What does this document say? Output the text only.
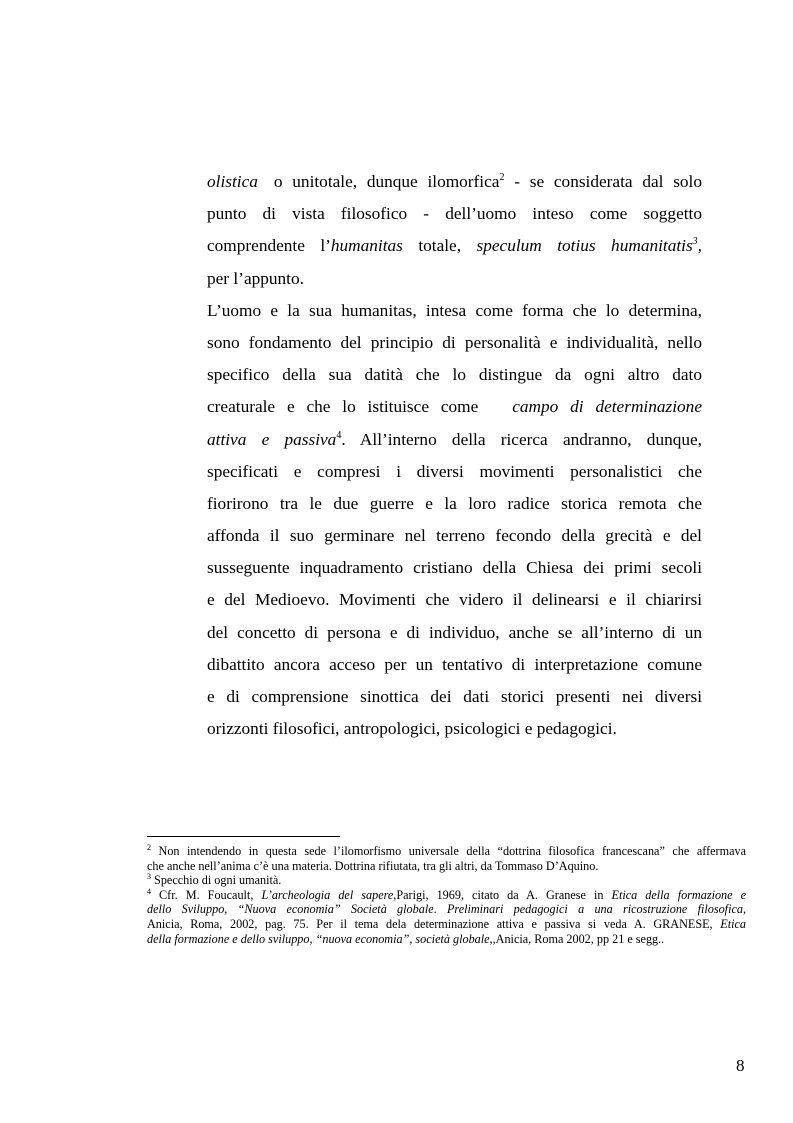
olistica o unitotale, dunque ilomorfica$^2$ - se considerata dal solo
punto di vista filosofico - dell’uomo inteso come soggetto
comprendente l’humanitas totale, speculum totius humanitatis$^3$,
per l’appunto.
L’uomo e la sua humanitas, intesa come forma che lo determina,
sono fondamento del principio di personalità e individualità, nello
specifico della sua datità che lo distingue da ogni altro dato
creaturale e che lo istituisce come campo di determinazione
attiva e passiva$^4$. All’interno della ricerca andranno, dunque,
specificati e compresi i diversi movimenti personalistici che
fiorirono tra le due guerre e la loro radice storica remota che
affonda il suo germinare nel terreno fecondo della grecità e del
susseguente inquadramento cristiano della Chiesa dei primi secoli
e del Medioevo. Movimenti che videro il delinearsi e il chiarirsi
del concetto di persona e di individuo, anche se all’interno di un
dibattito ancora acceso per un tentativo di interpretazione comune
e di comprensione sinottica dei dati storici presenti nei diversi
orizzonti filosofici, antropologici, psicologici e pedagogici.
$^2$ Non intendendo in questa sede l’ilomorfismo universale della “dottrina filosofica francescana” che affermava
che anche nell’anima c’è una materia. Dottrina rifiutata, tra gli altri, da Tommaso D’Aquino.
$^3$ Specchio di ogni umanità.
$^4$ Cfr. M. Foucault, L’archeologia del sapere,Parigi, 1969, citato da A. Granese in Etica della formazione e
dello Sviluppo, “Nuova economia” Società globale. Preliminari pedagogici a una ricostruzione filosofica,
Anicia, Roma, 2002, pag. 75. Per il tema dela determinazione attiva e passiva si veda A. GRANESE, Etica
della formazione e dello sviluppo, “nuova economia”, società globale,,Anicia, Roma 2002, pp 21 e segg..
8
